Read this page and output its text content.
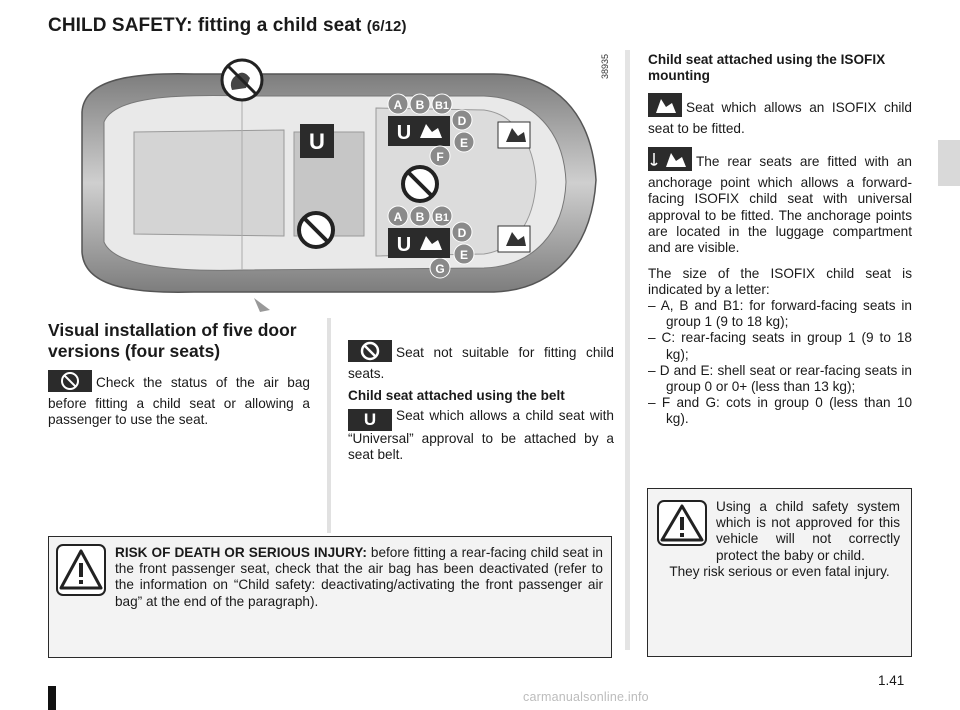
CHILD SAFETY: fitting a child seat (6/12)
U	U
A B B1
D
E
F
A B B1
D
E
G
U
38935
Visual installation of five door versions (four seats)
Check the status of the air bag before fitting a child seat or allowing a passenger to use the seat.
Seat not suitable for fitting child seats.
Child seat attached using the belt
U Seat which allows a child seat with “Universal” approval to be attached by a seat belt.
Child seat attached using the ISOFIX mounting
Seat which allows an ISOFIX child seat to be fitted.
The rear seats are fitted with an anchorage point which allows a forward-facing ISOFIX child seat with universal approval to be fitted. The anchorage points are located in the luggage compartment and are visible.
The size of the ISOFIX child seat is indicated by a letter:
– A, B and B1: for forward-facing seats in group 1 (9 to 18 kg);
– C: rear-facing seats in group 1 (9 to 18 kg);
– D and E: shell seat or rear-facing seats in group 0 or 0+ (less than 13 kg);
– F and G: cots in group 0 (less than 10 kg).
Using a child safety system which is not approved for this vehicle will not correctly protect the baby or child.
They risk serious or even fatal injury.
RISK OF DEATH OR SERIOUS INJURY: before fitting a rear-facing child seat in the front passenger seat, check that the air bag has been deactivated (refer to the information on “Child safety: deactivating/activating the front passenger air bag” at the end of the paragraph).
1.41
carmanualsonline.info
